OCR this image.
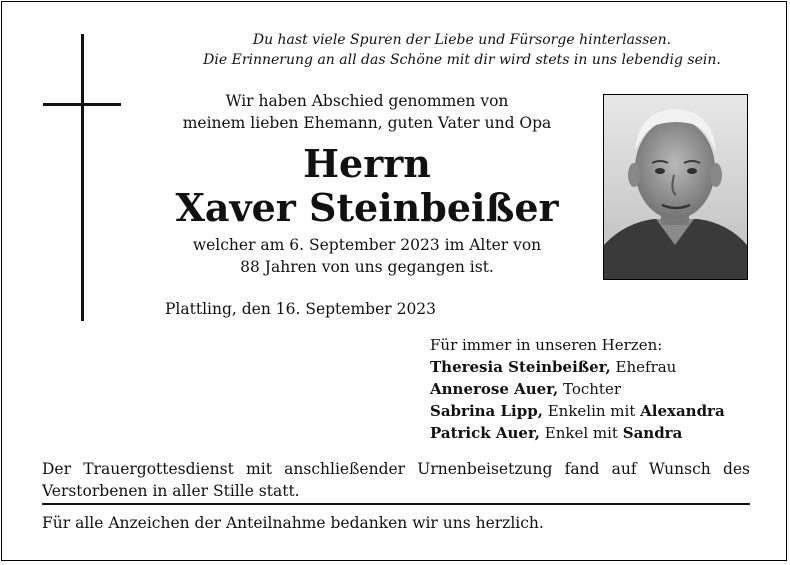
Du hast viele Spuren der Liebe und Fürsorge hinterlassen.
Die Erinnerung an all das Schöne mit dir wird stets in uns lebendig sein.
Wir haben Abschied genommen von
meinem lieben Ehemann, guten Vater und Opa
Herrn
Xaver Steinbeißer
welcher am 6. September 2023 im Alter von
88 Jahren von uns gegangen ist.
Plattling, den 16. September 2023
Für immer in unseren Herzen:
Theresia Steinbeißer, Ehefrau
Annerose Auer, Tochter
Sabrina Lipp, Enkelin mit Alexandra
Patrick Auer, Enkel mit Sandra
Der Trauergottesdienst mit anschließender Urnenbeisetzung fand auf Wunsch des Verstorbenen in aller Stille statt.
Für alle Anzeichen der Anteilnahme bedanken wir uns herzlich.
